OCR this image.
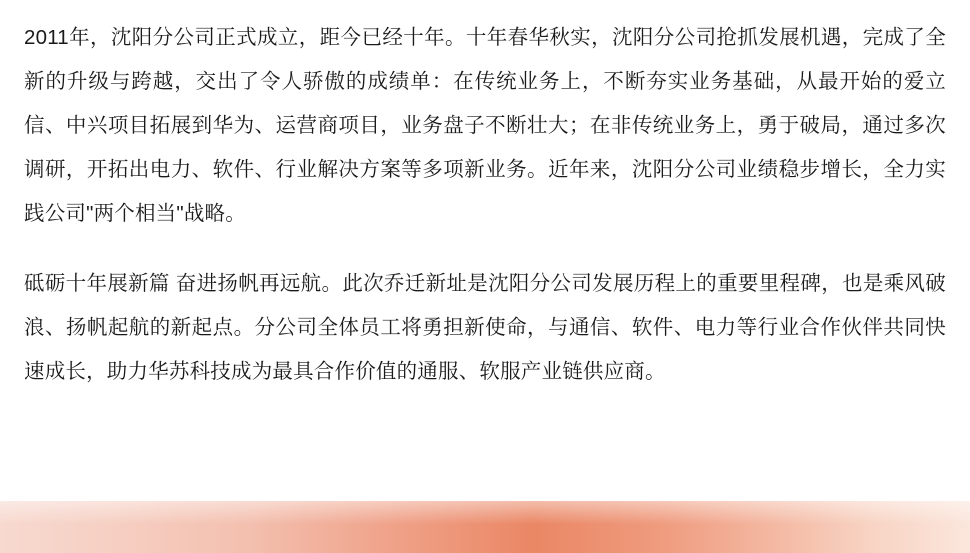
2011年，沈阳分公司正式成立，距今已经十年。十年春华秋实，沈阳分公司抢抓发展机遇，完成了全新的升级与跨越，交出了令人骄傲的成绩单：在传统业务上，不断夯实业务基础，从最开始的爱立信、中兴项目拓展到华为、运营商项目，业务盘子不断壮大；在非传统业务上，勇于破局，通过多次调研，开拓出电力、软件、行业解决方案等多项新业务。近年来，沈阳分公司业绩稳步增长，全力实践公司"两个相当"战略。

砥砺十年展新篇 奋进扬帆再远航。此次乔迁新址是沈阳分公司发展历程上的重要里程碑，也是乘风破浪、扬帆起航的新起点。分公司全体员工将勇担新使命，与通信、软件、电力等行业合作伙伴共同快速成长，助力华苏科技成为最具合作价值的通服、软服产业链供应商。
